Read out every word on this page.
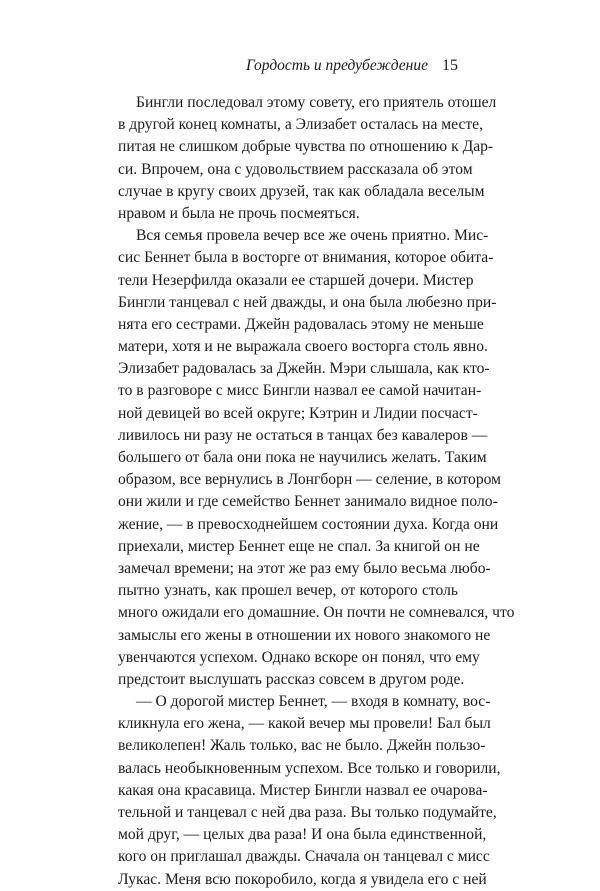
Гордость и предубеждение 15
Бингли последовал этому совету, его приятель отошел
в другой конец комнаты, а Элизабет осталась на месте,
питая не слишком добрые чувства по отношению к Дар-
си. Впрочем, она с удовольствием рассказала об этом
случае в кругу своих друзей, так как обладала веселым
нравом и была не прочь посмеяться.
Вся семья провела вечер все же очень приятно. Мис-
сис Беннет была в восторге от внимания, которое обита-
тели Незерфилда оказали ее старшей дочери. Мистер
Бингли танцевал с ней дважды, и она была любезно при-
нята его сестрами. Джейн радовалась этому не меньше
матери, хотя и не выражала своего восторга столь явно.
Элизабет радовалась за Джейн. Мэри слышала, как кто-
то в разговоре с мисс Бингли назвал ее самой начитан-
ной девицей во всей округе; Кэтрин и Лидии посчаст-
ливилось ни разу не остаться в танцах без кавалеров —
большего от бала они пока не научились желать. Таким
образом, все вернулись в Лонгборн — селение, в котором
они жили и где семейство Беннет занимало видное поло-
жение, — в превосходнейшем состоянии духа. Когда они
приехали, мистер Беннет еще не спал. За книгой он не
замечал времени; на этот же раз ему было весьма любо-
пытно узнать, как прошел вечер, от которого столь
много ожидали его домашние. Он почти не сомневался, что
замыслы его жены в отношении их нового знакомого не
увенчаются успехом. Однако вскоре он понял, что ему
предстоит выслушать рассказ совсем в другом роде.
— О дорогой мистер Беннет, — входя в комнату, вос-
кликнула его жена, — какой вечер мы провели! Бал был
великолепен! Жаль только, вас не было. Джейн пользо-
валась необыкновенным успехом. Все только и говорили,
какая она красавица. Мистер Бингли назвал ее очарова-
тельной и танцевал с ней два раза. Вы только подумайте,
мой друг, — целых два раза! И она была единственной,
кого он приглашал дважды. Сначала он танцевал с мисс
Лукас. Меня всю покоробило, когда я увидела его с ней
